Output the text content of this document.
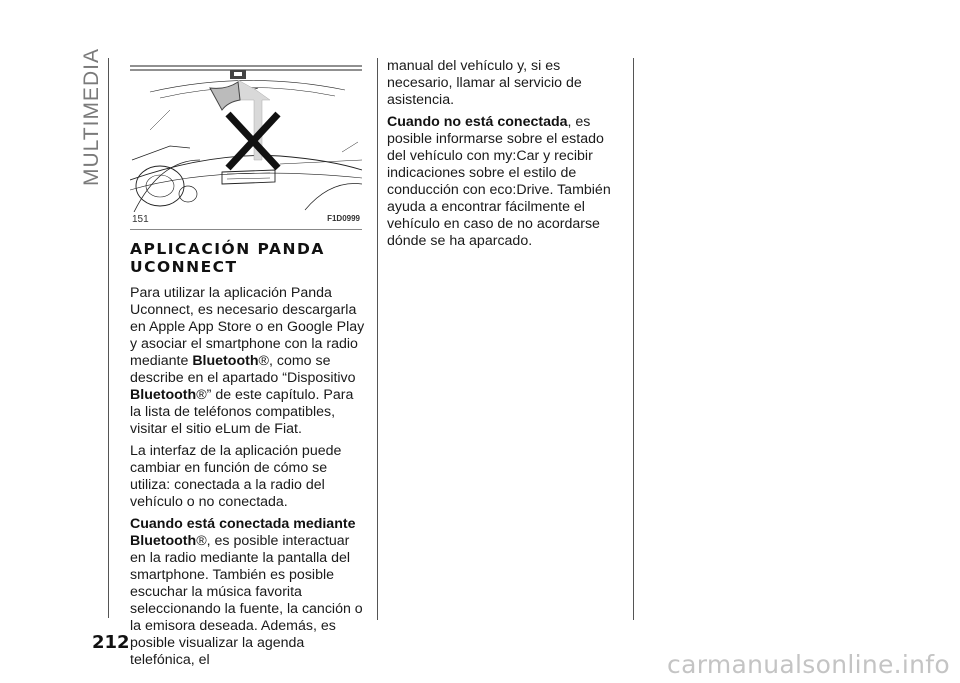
MULTIMEDIA
151	F1D0999
APLICACIÓN PANDA UCONNECT

Para utilizar la aplicación Panda Uconnect, es necesario descargarla en Apple App Store o en Google Play y asociar el smartphone con la radio mediante Bluetooth®, como se describe en el apartado “Dispositivo Bluetooth®” de este capítulo. Para la lista de teléfonos compatibles, visitar el sitio eLum de Fiat.

La interfaz de la aplicación puede cambiar en función de cómo se utiliza: conectada a la radio del vehículo o no conectada.

Cuando está conectada mediante Bluetooth®, es posible interactuar en la radio mediante la pantalla del smartphone. También es posible escuchar la música favorita seleccionando la fuente, la canción o la emisora deseada. Además, es posible visualizar la agenda telefónica, el

manual del vehículo y, si es necesario, llamar al servicio de asistencia.

Cuando no está conectada, es posible informarse sobre el estado del vehículo con my:Car y recibir indicaciones sobre el estilo de conducción con eco:Drive. También ayuda a encontrar fácilmente el vehículo en caso de no acordarse dónde se ha aparcado.

212
carmanualsonline.info
